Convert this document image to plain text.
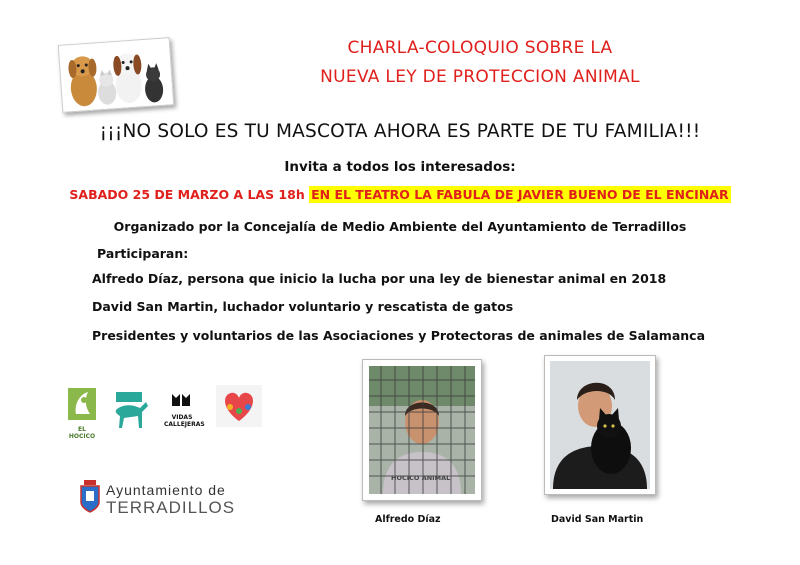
CHARLA-COLOQUIO SOBRE LA
NUEVA LEY DE PROTECCION ANIMAL
¡¡¡NO SOLO ES TU MASCOTA AHORA ES PARTE DE TU FAMILIA!!!
Invita a todos los interesados:
SABADO 25 DE MARZO A LAS 18h EN EL TEATRO LA FABULA DE JAVIER BUENO DE EL ENCINAR
Organizado por la Concejalía de Medio Ambiente del Ayuntamiento de Terradillos
Participaran:
Alfredo Díaz, persona que inicio la lucha por una ley de bienestar animal en 2018
David San Martin, luchador voluntario y rescatista de gatos
Presidentes y voluntarios de las Asociaciones y Protectoras de animales de Salamanca
EL HOCICO
VIDAS
CALLEJERAS
Ayuntamiento de
TERRADILLOS
HOCICO ANIMAL
Alfredo Díaz	David San Martin
